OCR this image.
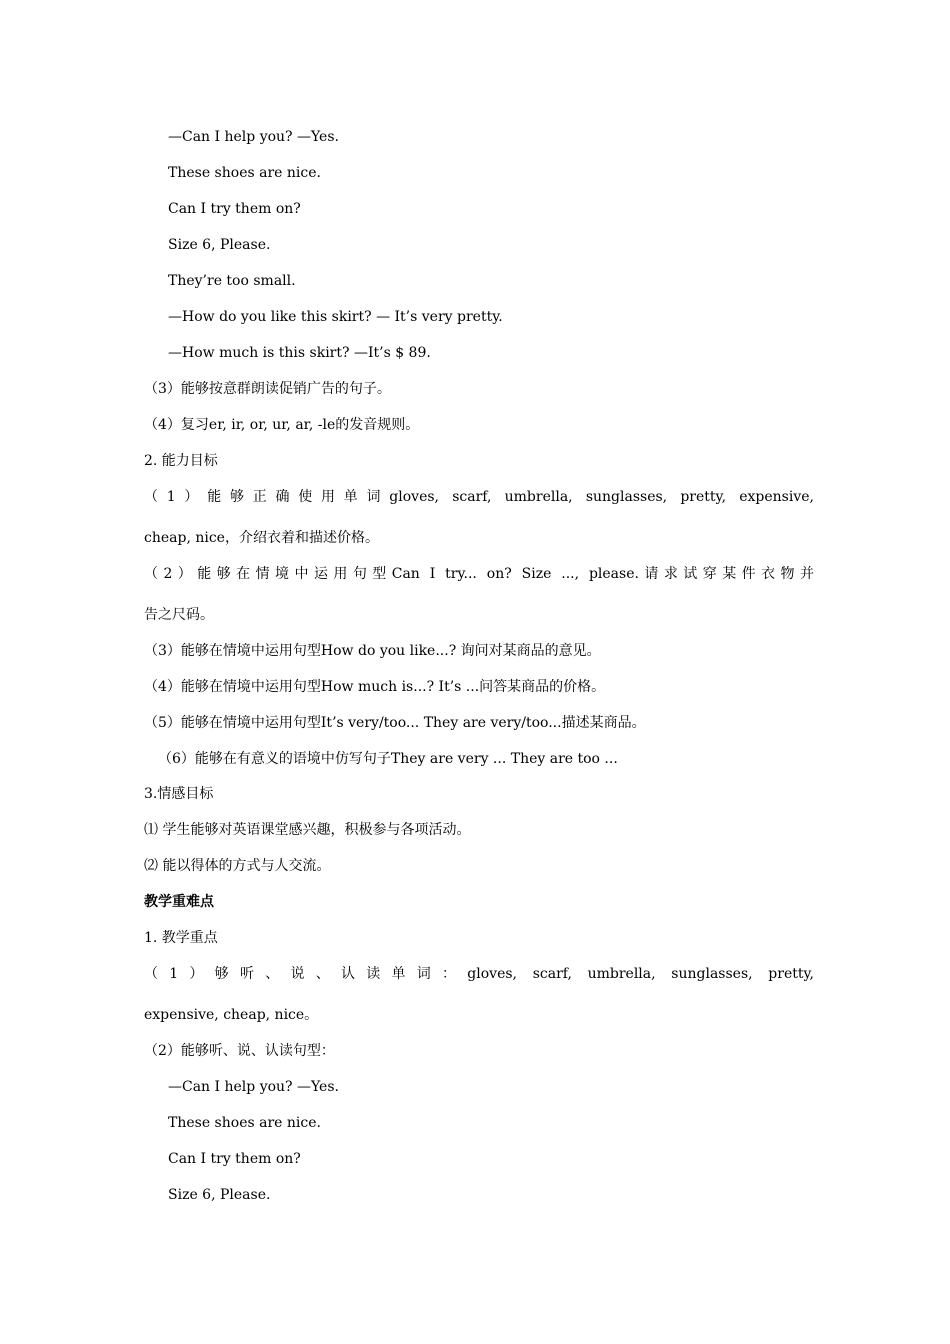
—Can I help you? —Yes.
These shoes are nice.
Can I try them on?
Size 6, Please.
They’re too small.
—How do you like this skirt? — It’s very pretty.
—How much is this skirt? —It’s $ 89.
（3）能够按意群朗读促销广告的句子。
（4）复习er, ir, or, ur, ar, -le的发音规则。
2. 能力目标
（1）能够正确使用单词gloves, scarf, umbrella, sunglasses, pretty, expensive,
cheap, nice，介绍衣着和描述价格。
（2）能够在情境中运用句型Can I try... on? Size ..., please.请求试穿某件衣物并
告之尺码。
（3）能够在情境中运用句型How do you like...? 询问对某商品的意见。
（4）能够在情境中运用句型How much is...? It’s ...问答某商品的价格。
（5）能够在情境中运用句型It’s very/too... They are very/too...描述某商品。
（6）能够在有意义的语境中仿写句子They are very ... They are too ...
3.情感目标
⑴ 学生能够对英语课堂感兴趣，积极参与各项活动。
⑵ 能以得体的方式与人交流。
教学重难点
1. 教学重点
（1）够听、说、认读单词：gloves, scarf, umbrella, sunglasses, pretty,
expensive, cheap, nice。
（2）能够听、说、认读句型：
—Can I help you? —Yes.
These shoes are nice.
Can I try them on?
Size 6, Please.
